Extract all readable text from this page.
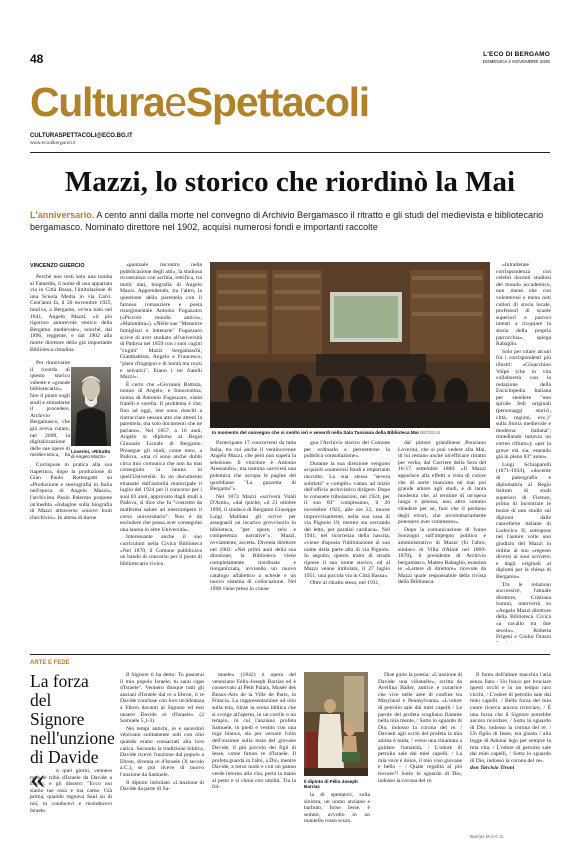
48	L'ECO DI BERGAMO
DOMENICA 2 NOVEMBRE 2025
CulturaeSpettacoli
CULTURASPETTACOLI@ECO.BG.IT
www.ecodibergamo.it
Mazzi, lo storico che riordinò la Mai
L'anniversario. A cento anni dalla morte nel convegno di Archivio Bergamasco il ritratto e gli studi del medievista e bibliotecario bergamasco. Nominato direttore nel 1902, acquisì numerosi fondi e importanti raccolte
VINCENZO GUERCIO

Perché non resti solo una tomba al Famedio, il nome di una appartata via in Città Bassa, l'intitolazione di una Scuola Media in via Calvi. Cent'anni fa, il 20 novembre 1925, moriva, a Bergamo, ov'era nato nel 1841, Angelo Mazzi, «il più rigoroso autorevole storico della Bergamo medievale», nonché, dal 1896, reggente, e dal 1902 alla morte direttore della già importante Biblioteca cittadina.

Per rinnovarne il ricordo di questo storico valente e «grande bibliotecario», fare il punto sugli studi e stimolarne il procedere, Archivio Bergamasco, che già aveva curato, nel 2009, la digitalizzazione delle sue opere di medievistica, ha

Loverini, «Ritratto
di Angelo Mazzi»

Corrispose in pratica alla sua riapertura, dopo la produzione di Gian Paolo Rottengatti su «Produzione e storiografia in Italia nell'epoca di Angelo Mazzi», l'archivista Paolo Palermo propone un'inedita «Indagine sulla biografia di Mazzi attraverso «nuove fonti d'archivio». In attesa di durne

«puntuale riscontro nella pubblicazione degli atti», la studiosa ricostruisce con acribia, retrifica, tra molti dati, biografia di Angelo Mazzi. Apprendendo, tra l'altro, la questione della parentela con il famoso romanziere e poeta risorgimentale Antonio Fogazzaro («Piccolo mondo antico», «Malombra»). «Nelle sue "Memorie famigliari e letterarie" Fogazzaro scrive di aver studiato all'università di Padova nel 1859 con i suoi cugini "cugini" Mazzi bergamaschi, Giambattista, Angelo e Francesco, "pieni d'ingegno e di bontà ma rozzi e selvatici". Erano i tre fratelli Mazzi».

È certo che «Giovanni Battista, nonno di Angelo, e Innocentina, nonna di Antonio Fogazzaro, siano fratelli e sorella. Il problema è che, fino ad oggi, non sono riusciti a rintracciare nessun atto che attesti la parentela, ma solo documenti che ne parlano». Nel 1857, a 16 anni, Angelo si diploma al Regio Ginnasio Liceale di Bergamo. Prosegue gli studi, come noto, a Padova, «ma ci sono anche dubbi circa mio comunica che non ha mai conseguito la laurea in quell'Università. In un documento emanato dall'autorità municipale il luglio del 1924 per il concorso per i suoi 83 anni, approvato dagli studi a Padova, si dice che fu "costretto da malferma salute ad interrompere il corso universitario". Non è da escludere che possa aver conseguito una laurea in altre Università».

Interessante anche il suo curriculum nella Civica Biblioteca «Nel 1870, il Comune pubblicava un bando di concorso per il posto di bibliotecario civico.

In momento del convegno che si svolto ieri e venerdì nella Sala Tassiana della Biblioteca Mai BEDOLIS

Partecipano 17 concorrenti da tutta Italia, tra cui anche il ventinovenne Angelo Mazzi, che però non supera la selezione. Il vincitore è Antonio Alessandri», ma nomina «arriverà una polemica che occupa le pagine del quotidiano "La gazzetta di Bergamo"».

Nel 1873 Mazzi «scriverà Vitali D'Amb», «dal quiche, «il 21 ottobre 1896, il sindaco di Bergamo Giuseppe Luigi Malliani gli scrive per assegnarli un incarico provvisorio in biblioteca, "per opere, zelo e competenza narrative"». Mazzi, ovviamente, accetta. Diventa direttore nel 1902. «Nei primi anni della sua direzione, la Biblioteca viene completamente riordinata e riorganizzata, avviando un nuovo catalogo alfabetico a schede e un nuovo sistema di collocazione. Nel 1908 viene preso in conse-

gna l'Archivio storico del Comune per ordinarlo e permetterne la pubblica consultazione».

Durante la sua direzione vengono acquisiti «numerosi fondi e importanti raccolte. La sua stessa "severa sobrietà" e compiti» vanno ad inizio dell'ufficio archivistico dirigere. Dopo le consuete tribolazioni, nel 1924, per il suo 83° compleanno, il 20 novembre 1925, alle ore 22, muore improvvisamente, nella sua casa di via Pignolo 19, mentre sta cercando del letto, per paralisi cardiaca». Nel 1941, nel ricorrenza della nascita, «viene disposta l'intitolazione al suo nome della parte alta di via Pignolo. In seguito, questo tratto di strada riprese il suo nome storico, ed al Mazzi venne intitolata, il 27 luglio 1951, una piccola via in Città Bassa».

Oltre al ritratto steso, nel 1931,

dal pittore grandinese Ponziano Loverini, che si può vedere alla Mai, di lui restano anche un'efficace ritratto per verba, dal Corriere della Sera del 16-17 settembre 1880: «Il Mazzi apparisce alla effetti a vista di colore che di sorte mancano né mai poi grande amore agli studi, e di tanta modestia che, al termine di un'opera lunga e penosa, non altro sommo chiedere per sé, fuor che il perdono degli errori, che involontariamente potessero aver commesso».

Dopo la comunicazione di Ivano Sonzogni sull'impegno politico e amministrativo di Mazzi (fu l'altro, sindaco di Villa d'Almè nel 1869-1870), il presidente di Archivio bergamasco, Matteo Rabaglio, esamina le «Lettere di direttore» ricevute da Mazzi quale responsabile della rivista della Biblioteca.

«Intrattenne corrispondenza con celebri docenti studiosi del mondo accademico, non meno che con volenterosi e meno noti cultori di storia locale, professori di scuole superiori e parroci intenti a ricopiare la storia della propria parrocchia», spiega Rabaglio.

Solo per citare alcuni fra i corrispondenti più illustri: «Gioacchino Volpe (che in vita collaborerà con la redazione della Enciclopedia Italiana per stendere "uno spirale fedi originali (personaggi storici, città, regioni, ecc.)" sulla Storia medievale e moderna italiana", rimediando tuttavia un corteo rifiuto»); «per la grave età sia, essendo già in pieno 83° anno».

Luigi Schiaparelli (1871-1934), «docente di paleografia e diplomatica al Regio Istituto di studi superiori di Firenze, prima di incontrare le bozze di uno studio sul diplomi dalle cancellerie italiane di Lodovico II, sottopose nel l'autore volle uno giudizio del Mazzi in ordine al suo «regesto diversi ai suoi scrivere, e dagli originali ai diplomi per la chiesa di Bergamo».

Tra le relazioni successive, l'attuale direttore, Cristiana Iommi, interverrà su «Angelo Mazzi direttore della Biblioteca Civica «a cavallo tra due secolo». Roberta Frigeni e Giulio Orazio

ARTE E FEDE
La forza del Signore nell'unzione di Davide
«	n quei giorni, vennero tutte le tribù d'Israele da Davide a Ebron, e gli dissero: "Ecco noi siamo tue ossa e tua carne. Già prima, quando regnava Saul su di noi, tu conducevi e riconducevi Israele.

Il Signore ti ha detto: Tu pascerai il mio popolo Israele, tu sarai capo d'Israele". Vennero dunque tutti gli anziani d'Israele dal re a Ebron, il re Davide concluse con loro un'alleanza a Ebron davanti al Signore ed essi unsero Davide re d'Israele» (2 Samuele 5,1-3).

Nei tempi antichi, re e sacerdoti venivano solitamente unti con olio quando erano consacrati alla loro carica. Secondo la tradizione biblica, Davide ricevé l'unzione dal popolo a Ebron, diventa re d'Israele (X secolo a.C.), se poi riceve di nuovo l'unzione da Samuele.

Il dipinto intitolato «L'unzione di Davide da parte di Sa-

muele» (1842) è opera del veneziano Félix-Joseph Barrias ed è conservato al Petit Palais, Musée des Beaux-Arts de la Ville de Paris, in Francia. La rappresentazione ad olio sulla tela, ritrae la scena biblica che si svolge all'aperto, in un cortile o un tempio, in cui l'anziano profeta Samuele, in piedi e vestito con una toga bianca, sta per versare l'olio dell'unzione sulla testa del giovane Davide, il più piccolo dei figli di Iesse, come futuro re d'Israele. Il profeta guarda in l'alto, a Dio, mentre Davide, a torso nudo e con un panno verde intorno alla vita, porta la mano al petto e si china con umiltà. Tra la fol-

Il dipinto di Félix-Joseph Barrias

la di spettatori, sulla sinistra, un uomo anziano e barbuto, forse Iesse, è seduto, avvolto in un mantello rosso scuro.

Dise guito la poesia: «L'unzione di Davide: una villanelle», scritta da Avellina Bailer, autrice e curatrice che vive nelle aree di confine tra Maryland e Pennsylvania. «L'odore di petrolio sale dai miei capelli / Le parole del profeta scagliano fiamme nella mia mente, / Sotto lo sguardo di Dio, indosso la corona del re. / Davanti agli occhi del profeta la mia anima è nuda; / verso una chiamata a guidare l'umanità, / L'odore di petrolio sale dai miei capelli. / La mia voce è dolce, il mio viso giovane e bello – / Quale regalità al più trovare?! Sotto lo sguardo di Dio, indosso la corona del re.

Il fumo dell'altare macchia l'aria senza fiato / Un fuoco per bruciare questi occhi e in un tempo raro cicchi, / L'odore di petrolio sale dai miei capelli. / Bella forza del mio cuore ricerca ancora ricercare, / È una forza che il Signore potrebbe ancora ricordare, / Sotto lo sguardo di Dio, indosso la corona del re. / Un figlio di Iesse, era giusto / alla legge di Adonai lego per sempre la mia vita, / L'odore di petrolio sale dai miei capelli, / Sotto lo sguardo di Dio, indosso la corona del re».

don Tarcisio Tironi

Barrias M.A.C.S.
